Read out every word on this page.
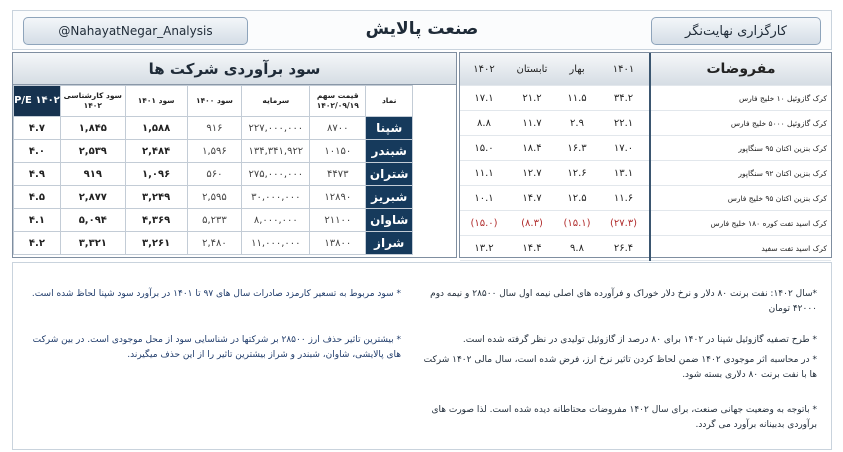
@NahayatNegar_Analysis	صنعت پالایش	کارگزاری نهایت‌نگر
سود برآوردی شرکت ها
P/E ۱۴۰۲	سود کارشناسی ۱۴۰۲	سود ۱۴۰۱	سود ۱۴۰۰	سرمایه	قیمت سهم ۱۴۰۲/۰۹/۱۹	نماد	
۴.۷	۱,۸۴۵	۱,۵۸۸	۹۱۶	۲۲۷,۰۰۰,۰۰۰	۸۷۰۰	شپنا	
۴.۰	۲,۵۳۹	۲,۴۸۴	۱,۵۹۶	۱۳۴,۳۴۱,۹۲۲	۱۰۱۵۰	شبندر	
۴.۹	۹۱۹	۱,۰۹۶	۵۶۰	۲۷۵,۰۰۰,۰۰۰	۴۴۷۳	شتران	
۴.۵	۲,۸۷۷	۳,۲۴۹	۲,۵۹۵	۳۰,۰۰۰,۰۰۰	۱۲۸۹۰	شبریز	
۴.۱	۵,۰۹۴	۴,۳۶۹	۵,۲۳۳	۸,۰۰۰,۰۰۰	۲۱۱۰۰	شاوان	
۴.۲	۳,۳۲۱	۳,۲۶۱	۲,۴۸۰	۱۱,۰۰۰,۰۰۰	۱۳۸۰۰	شراز	
۱۴۰۲	تابستان	بهار	۱۴۰۱	مفروضات
۱۷.۱	۲۱.۲	۱۱.۵	۳۴.۲	کرک گازوئیل ۱۰ خلیج فارس
۸.۸	۱۱.۷	۲.۹	۲۲.۱	کرک گازوئیل ۵۰۰۰ خلیج فارس
۱۵.۰	۱۸.۴	۱۶.۳	۱۷.۰	کرک بنزین اکتان ۹۵ سنگاپور
۱۱.۱	۱۲.۷	۱۲.۶	۱۳.۱	کرک بنزین اکتان ۹۲ سنگاپور
۱۰.۱	۱۴.۷	۱۲.۵	۱۱.۶	کرک بنزین اکتان ۹۵ خلیج فارس
(۱۵.۰)	(۸.۳)	(۱۵.۱)	(۲۷.۳)	کرک اسید تفت کوره ۱۸۰ خلیج فارس
۱۳.۲	۱۴.۴	۹.۸	۲۶.۴	کرک اسید تفت سفید
*سال ۱۴۰۲: نفت برنت ۸۰ دلار و نرخ دلار خوراک و فرآورده های اصلی نیمه اول سال ۲۸۵۰۰ و نیمه دوم ۴۲۰۰۰ تومان
* طرح تصفیه گازوئیل شپنا در ۱۴۰۲ برای ۸۰ درصد از گازوئیل تولیدی در نظر گرفته شده است.
* در محاسبه اثر موجودی ۱۴۰۲ ضمن لحاظ کردن تاثیر نرخ ارز، فرض شده است، سال مالی ۱۴۰۲ شرکت ها با نفت برنت ۸۰ دلاری بسته شود.
* باتوجه به وضعیت جهانی صنعت، برای سال ۱۴۰۲ مفروضات محتاطانه دیده شده است. لذا صورت های برآوردی بدبینانه برآورد می گردد.
* سود مربوط به تسعیر کارمزد صادرات سال های ۹۷ تا ۱۴۰۱ در برآورد سود شپنا لحاظ شده است.
* بیشترین تاثیر حذف ارز ۲۸۵۰۰ بر شرکتها در شناسایی سود از محل موجودی است. در بین شرکت های پالایشی، شاوان، شبندر و شراز بیشترین تاثیر را از این حذف میگیرند.
